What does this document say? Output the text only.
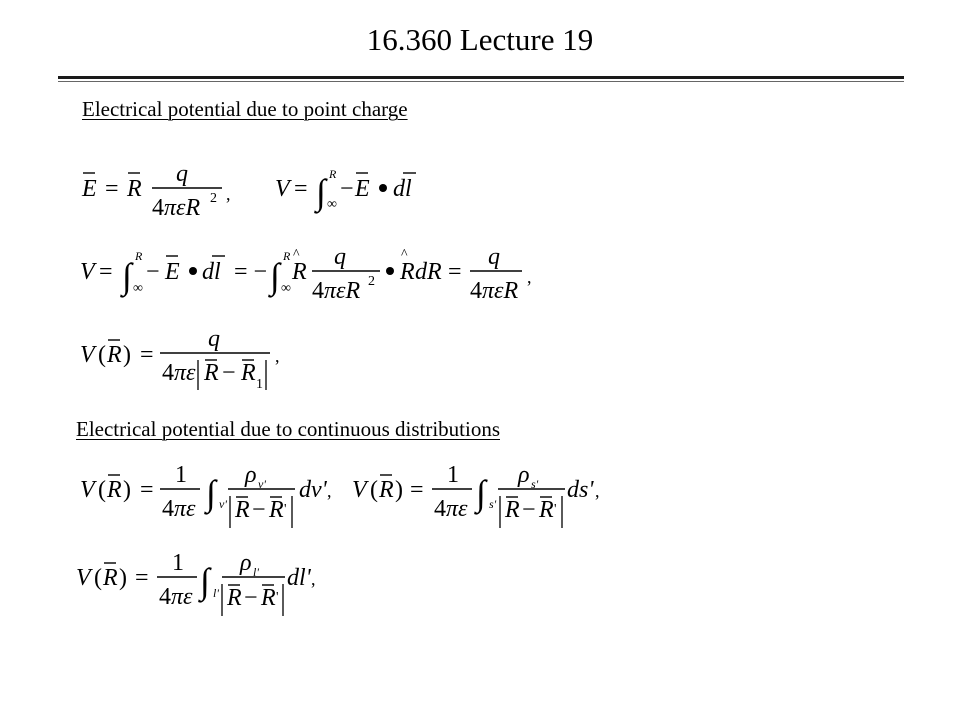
16.360 Lecture 19
Electrical potential due to point charge
Electrical potential due to continuous distributions
E = R
q
4πεR 2 , V = ∫ R
∞
− E dl
V = ∫ R
∞
− E dl = − ∫ R
∞
R
^ q
4πεR 2 R
^
dR =
q
4πεR
,
V ( R ) =
q
4πε R − R 1
,
V ( R ) =
1
4πε ∫ v'
ρ v'
R − R '
dv' , V ( R ) =
1
4πε ∫ s'
ρ s'
R − R '
ds' ,
V ( R ) =
1
4πε ∫ l'
ρ l'
R − R '
dl' ,
